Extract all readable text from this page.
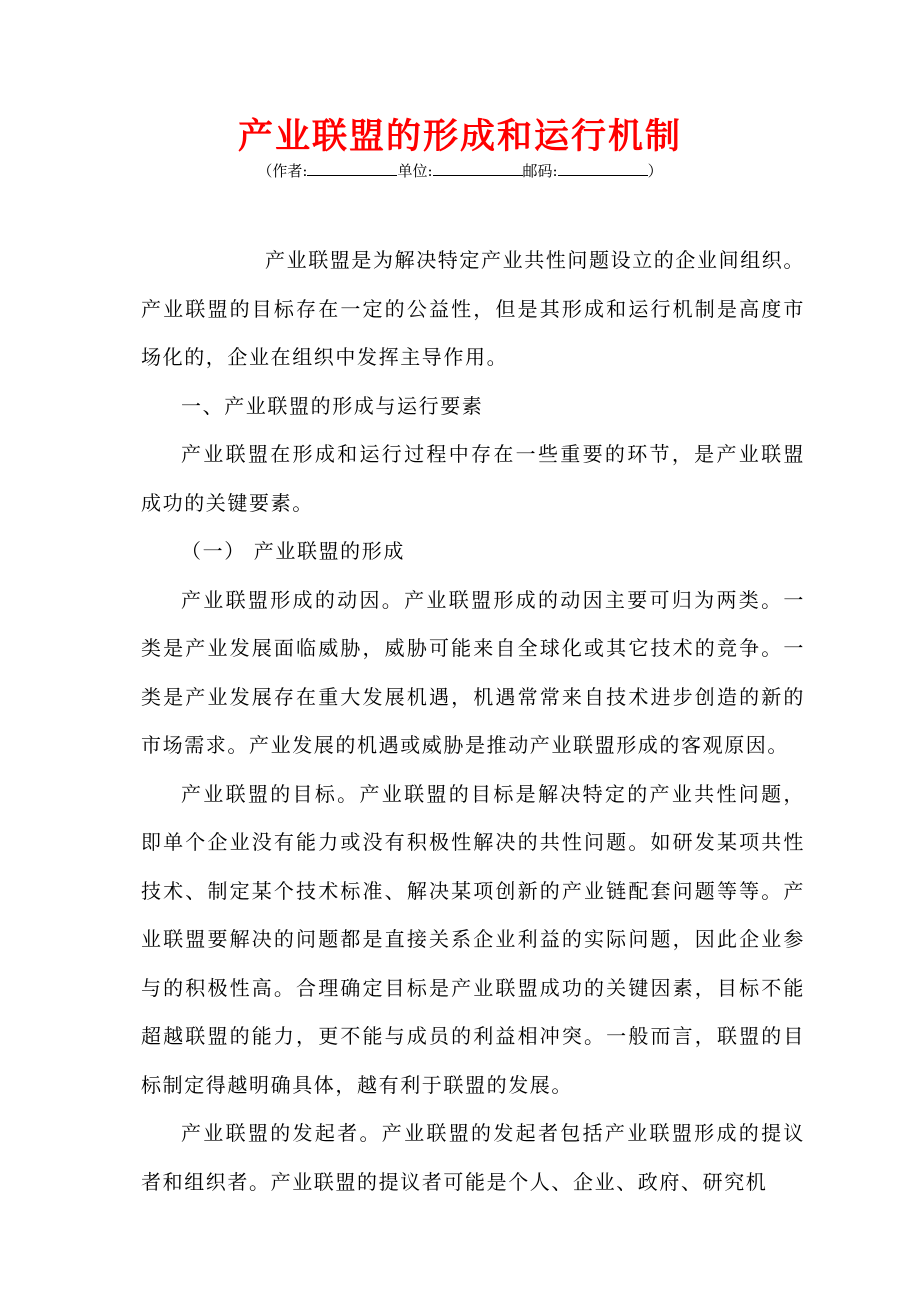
产业联盟的形成和运行机制
（作者:	单位:	邮码:	）

产业联盟是为解决特定产业共性问题设立的企业间组织。产业联盟的目标存在一定的公益性，但是其形成和运行机制是高度市场化的，企业在组织中发挥主导作用。

一、产业联盟的形成与运行要素

产业联盟在形成和运行过程中存在一些重要的环节，是产业联盟成功的关键要素。

（一） 产业联盟的形成

产业联盟形成的动因。产业联盟形成的动因主要可归为两类。一类是产业发展面临威胁，威胁可能来自全球化或其它技术的竞争。一类是产业发展存在重大发展机遇，机遇常常来自技术进步创造的新的市场需求。产业发展的机遇或威胁是推动产业联盟形成的客观原因。

产业联盟的目标。产业联盟的目标是解决特定的产业共性问题，即单个企业没有能力或没有积极性解决的共性问题。如研发某项共性技术、制定某个技术标准、解决某项创新的产业链配套问题等等。产业联盟要解决的问题都是直接关系企业利益的实际问题，因此企业参与的积极性高。合理确定目标是产业联盟成功的关键因素，目标不能超越联盟的能力，更不能与成员的利益相冲突。一般而言，联盟的目标制定得越明确具体，越有利于联盟的发展。

产业联盟的发起者。产业联盟的发起者包括产业联盟形成的提议者和组织者。产业联盟的提议者可能是个人、企业、政府、研究机
